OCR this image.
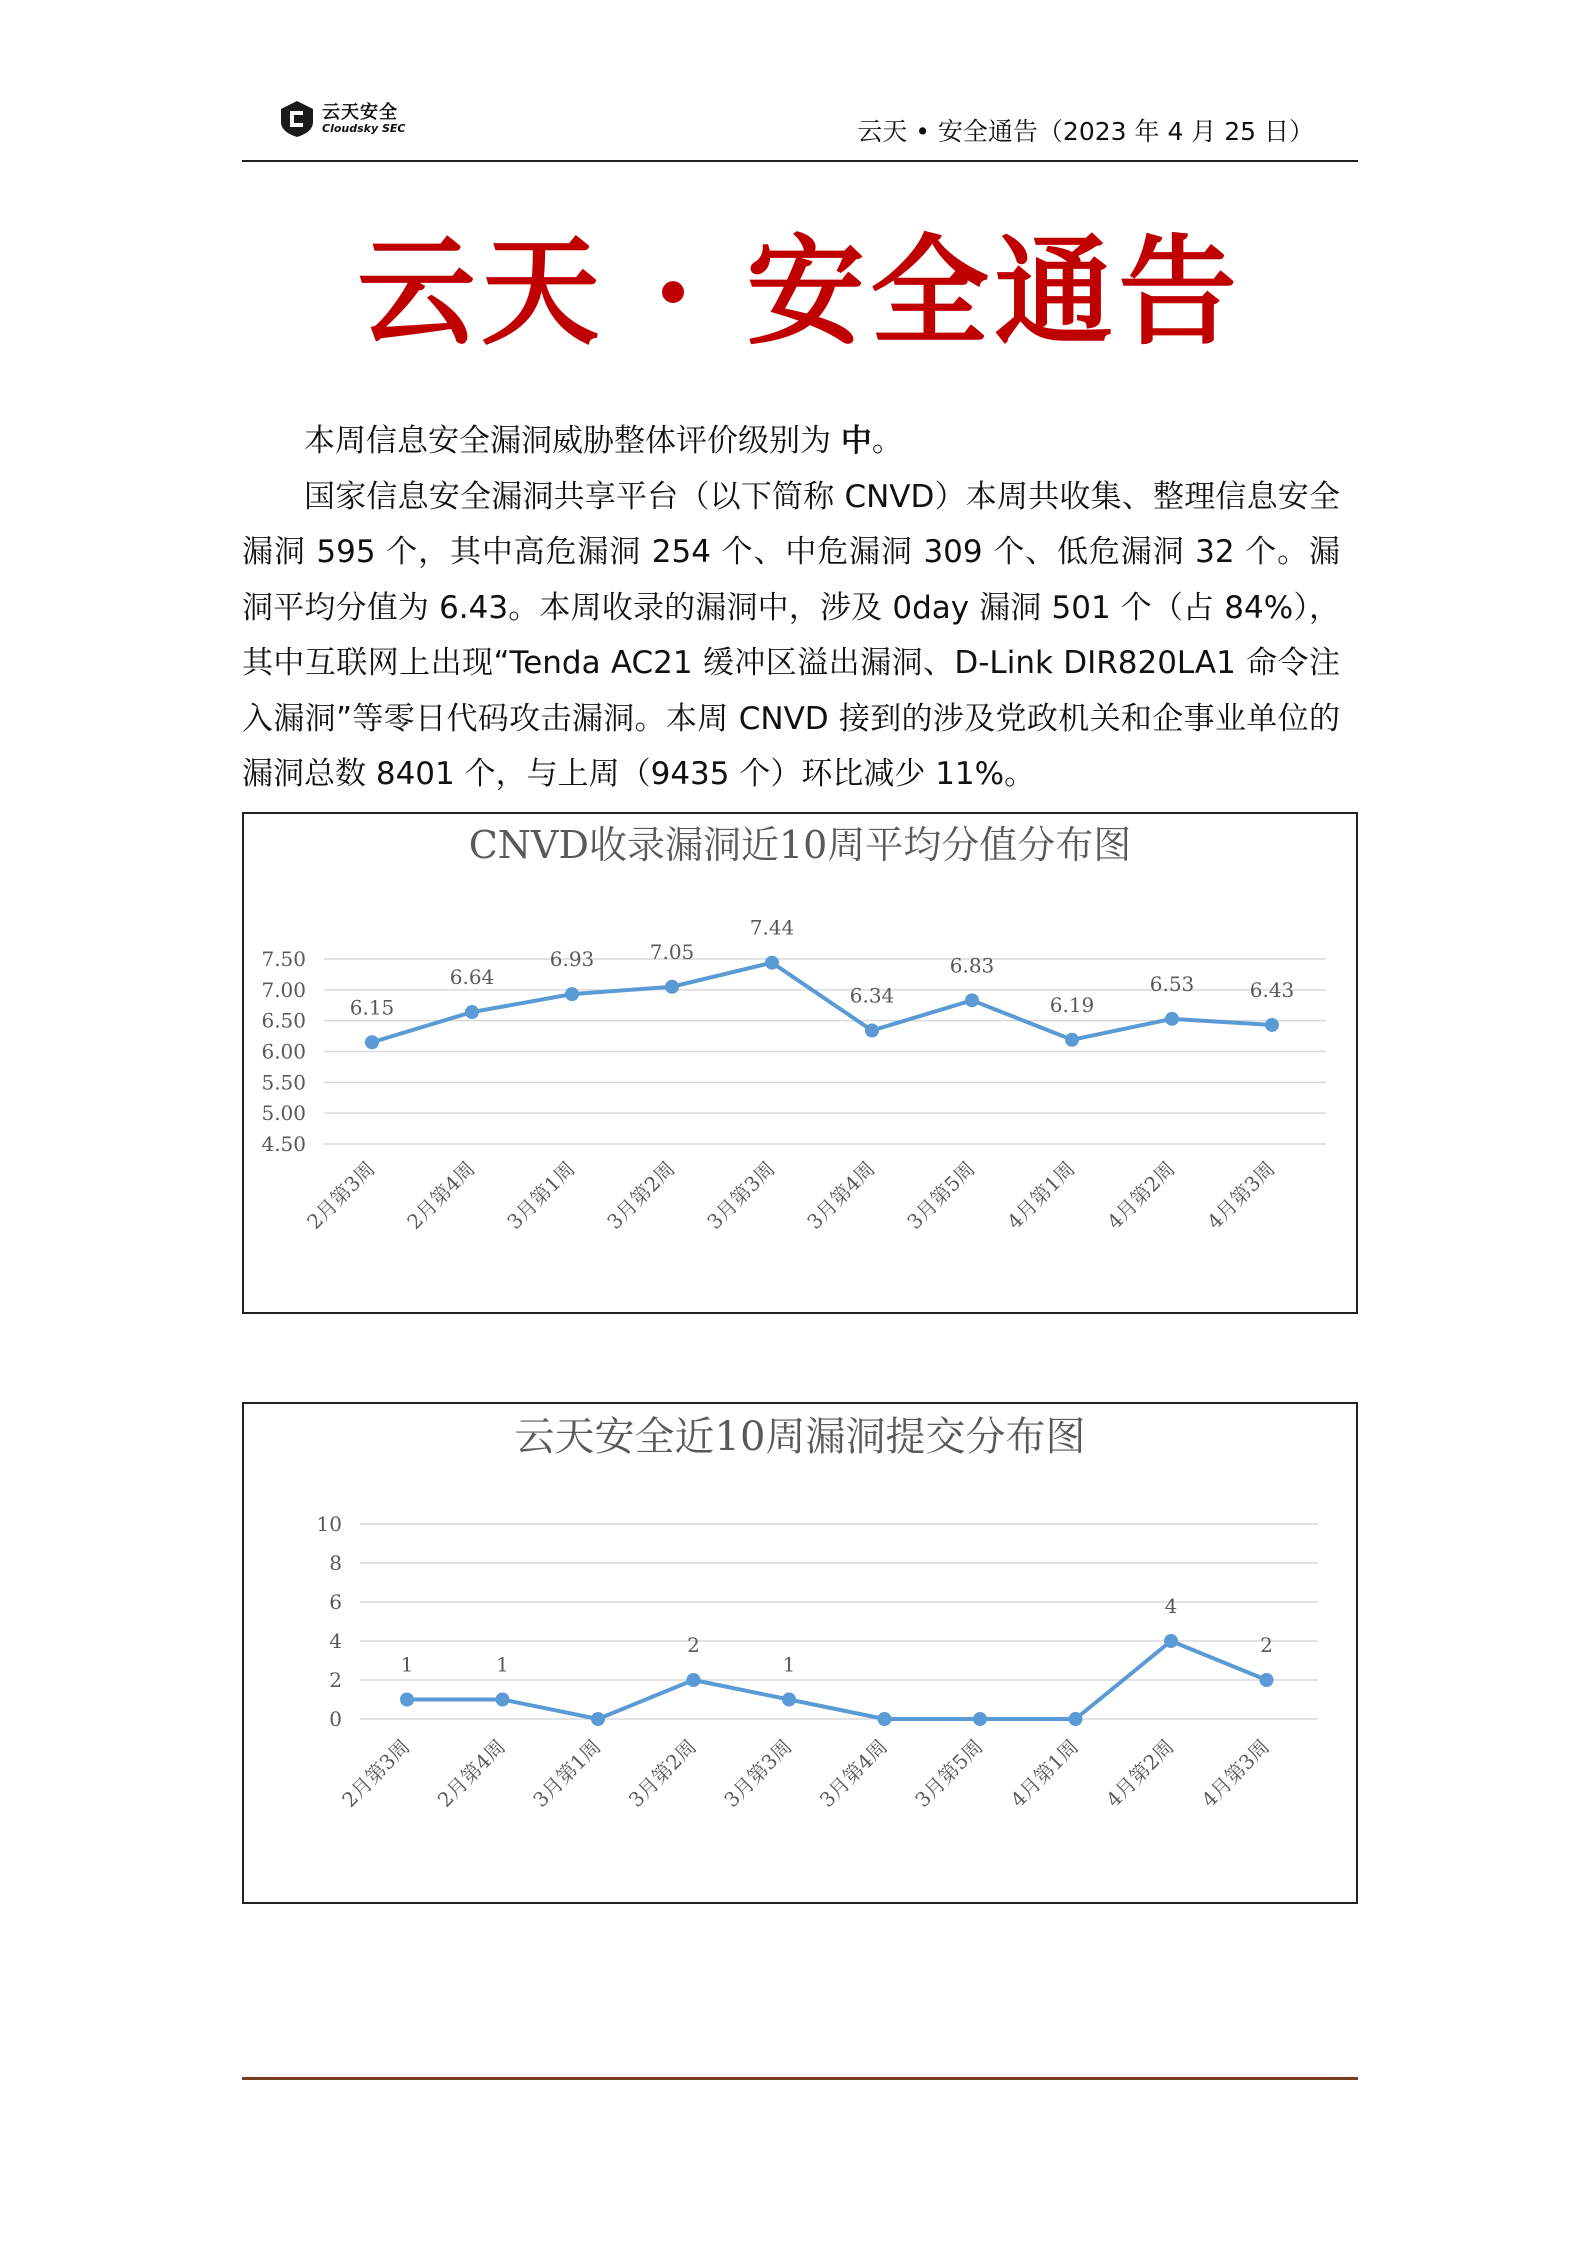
云天安全
Cloudsky SEC	云天 • 安全通告（2023 年 4 月 25 日）
云天 · 安全通告

本周信息安全漏洞威胁整体评价级别为 中。

国家信息安全漏洞共享平台（以下简称 CNVD）本周共收集、整理信息安全漏洞 595 个，其中高危漏洞 254 个、中危漏洞 309 个、低危漏洞 32 个。漏洞平均分值为 6.43。本周收录的漏洞中，涉及 0day 漏洞 501 个（占 84%），其中互联网上出现“Tenda AC21 缓冲区溢出漏洞、D-Link DIR820LA1 命令注入漏洞”等零日代码攻击漏洞。本周 CNVD 接到的涉及党政机关和企事业单位的漏洞总数 8401 个，与上周（9435 个）环比减少 11%。

CNVD收录漏洞近10周平均分值分布图
4.50
5.00
5.50
6.00
6.50
7.00
7.50
6.15
2月第3周
6.64
2月第4周
6.93
3月第1周
7.05
3月第2周
7.44
3月第3周
6.34
3月第4周
6.83
3月第5周
6.19
4月第1周
6.53
4月第2周
6.43
4月第3周
云天安全近10周漏洞提交分布图
0
2
4
6
8
10
1
2月第3周
1
2月第4周 3月第1周
2
3月第2周
1
3月第3周 3月第4周 3月第5周 4月第1周
4
4月第2周
2
4月第3周
